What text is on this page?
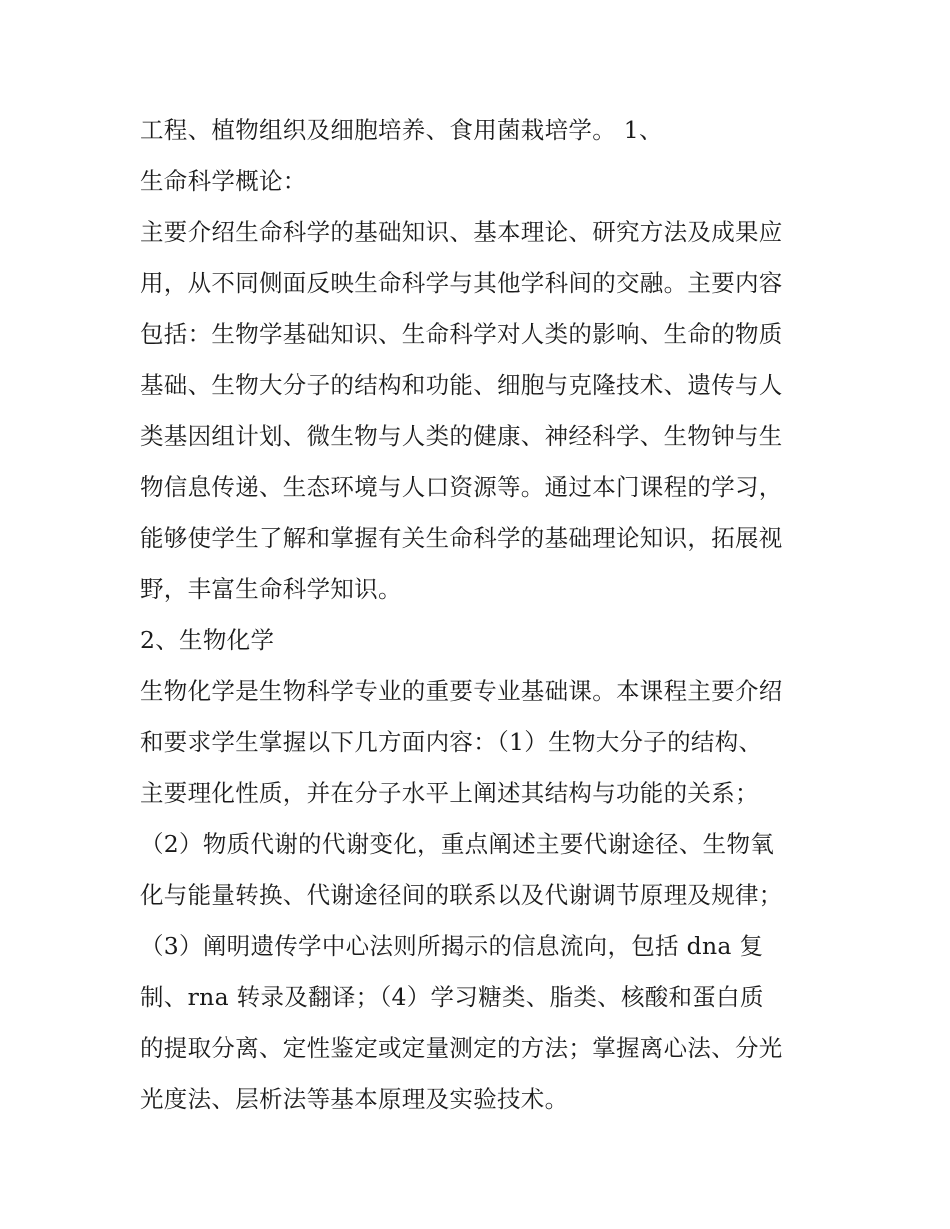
工程、植物组织及细胞培养、食用菌栽培学。 1、
生命科学概论：
主要介绍生命科学的基础知识、基本理论、研究方法及成果应
用，从不同侧面反映生命科学与其他学科间的交融。主要内容
包括：生物学基础知识、生命科学对人类的影响、生命的物质
基础、生物大分子的结构和功能、细胞与克隆技术、遗传与人
类基因组计划、微生物与人类的健康、神经科学、生物钟与生
物信息传递、生态环境与人口资源等。通过本门课程的学习，
能够使学生了解和掌握有关生命科学的基础理论知识，拓展视
野，丰富生命科学知识。
2、生物化学
生物化学是生物科学专业的重要专业基础课。本课程主要介绍
和要求学生掌握以下几方面内容：（1）生物大分子的结构、
主要理化性质，并在分子水平上阐述其结构与功能的关系；
（2）物质代谢的代谢变化，重点阐述主要代谢途径、生物氧
化与能量转换、代谢途径间的联系以及代谢调节原理及规律；
（3）阐明遗传学中心法则所揭示的信息流向，包括 dna 复
制、rna 转录及翻译；（4）学习糖类、脂类、核酸和蛋白质
的提取分离、定性鉴定或定量测定的方法；掌握离心法、分光
光度法、层析法等基本原理及实验技术。
